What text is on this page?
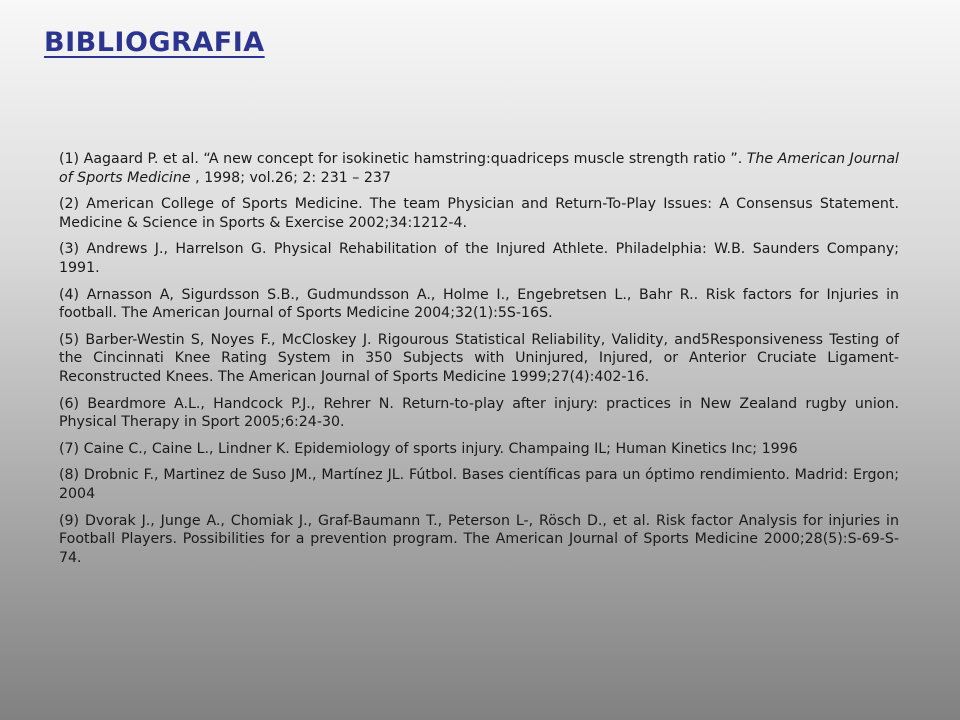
BIBLIOGRAFIA
(1) Aagaard P. et al. “A new concept for isokinetic hamstring:quadriceps muscle strength ratio ”. The American Journal of Sports Medicine , 1998; vol.26; 2: 231 – 237
(2) American College of Sports Medicine. The team Physician and Return-To-Play Issues: A Consensus Statement. Medicine & Science in Sports & Exercise 2002;34:1212-4.
(3) Andrews J., Harrelson G. Physical Rehabilitation of the Injured Athlete. Philadelphia: W.B. Saunders Company; 1991.
(4) Arnasson A, Sigurdsson S.B., Gudmundsson A., Holme I., Engebretsen L., Bahr R.. Risk factors for Injuries in football. The American Journal of Sports Medicine 2004;32(1):5S-16S.
(5) Barber-Westin S, Noyes F., McCloskey J. Rigourous Statistical Reliability, Validity, and5Responsiveness Testing of the Cincinnati Knee Rating System in 350 Subjects with Uninjured, Injured, or Anterior Cruciate Ligament- Reconstructed Knees. The American Journal of Sports Medicine 1999;27(4):402-16.
(6) Beardmore A.L., Handcock P.J., Rehrer N. Return-to-play after injury: practices in New Zealand rugby union. Physical Therapy in Sport 2005;6:24-30.
(7) Caine C., Caine L., Lindner K. Epidemiology of sports injury. Champaing IL; Human Kinetics Inc; 1996
(8) Drobnic F., Martinez de Suso JM., Martínez JL. Fútbol. Bases científicas para un óptimo rendimiento. Madrid: Ergon; 2004
(9) Dvorak J., Junge A., Chomiak J., Graf-Baumann T., Peterson L-, Rösch D., et al. Risk factor Analysis for injuries in Football Players. Possibilities for a prevention program. The American Journal of Sports Medicine 2000;28(5):S-69-S-74.
